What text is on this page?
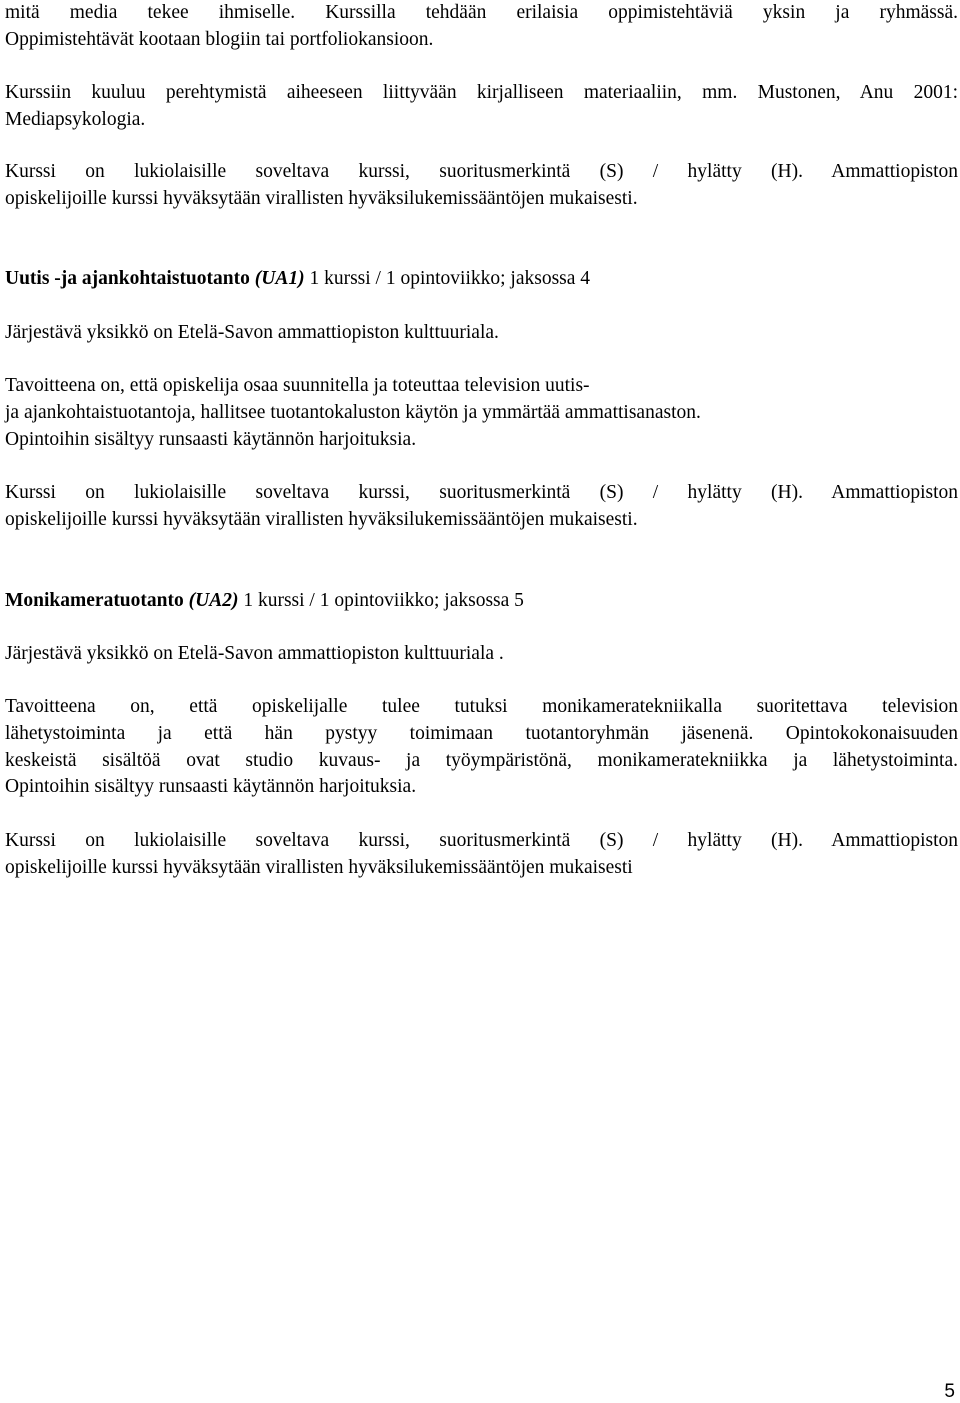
mitä media tekee ihmiselle. Kurssilla tehdään erilaisia oppimistehtäviä yksin ja ryhmässä.
Oppimistehtävät kootaan blogiin tai portfoliokansioon.

Kurssiin kuuluu perehtymistä aiheeseen liittyvään kirjalliseen materiaaliin, mm. Mustonen, Anu 2001:
Mediapsykologia.

Kurssi on lukiolaisille soveltava kurssi, suoritusmerkintä (S) / hylätty (H). Ammattiopiston
opiskelijoille kurssi hyväksytään virallisten hyväksilukemissääntöjen mukaisesti.

Uutis -ja ajankohtaistuotanto (UA1) 1 kurssi / 1 opintoviikko; jaksossa 4

Järjestävä yksikkö on Etelä-Savon ammattiopiston kulttuuriala.

Tavoitteena on, että opiskelija osaa suunnitella ja toteuttaa television uutis-
ja ajankohtaistuotantoja, hallitsee tuotantokaluston käytön ja ymmärtää ammattisanaston.
Opintoihin sisältyy runsaasti käytännön harjoituksia.

Kurssi on lukiolaisille soveltava kurssi, suoritusmerkintä (S) / hylätty (H). Ammattiopiston
opiskelijoille kurssi hyväksytään virallisten hyväksilukemissääntöjen mukaisesti.

Monikameratuotanto (UA2) 1 kurssi / 1 opintoviikko; jaksossa 5

Järjestävä yksikkö on Etelä-Savon ammattiopiston kulttuuriala .

Tavoitteena on, että opiskelijalle tulee tutuksi monikameratekniikalla suoritettava television
lähetystoiminta ja että hän pystyy toimimaan tuotantoryhmän jäsenenä. Opintokokonaisuuden
keskeistä sisältöä ovat studio kuvaus- ja työympäristönä, monikameratekniikka ja lähetystoiminta.
Opintoihin sisältyy runsaasti käytännön harjoituksia.

Kurssi on lukiolaisille soveltava kurssi, suoritusmerkintä (S) / hylätty (H). Ammattiopiston
opiskelijoille kurssi hyväksytään virallisten hyväksilukemissääntöjen mukaisesti

5
